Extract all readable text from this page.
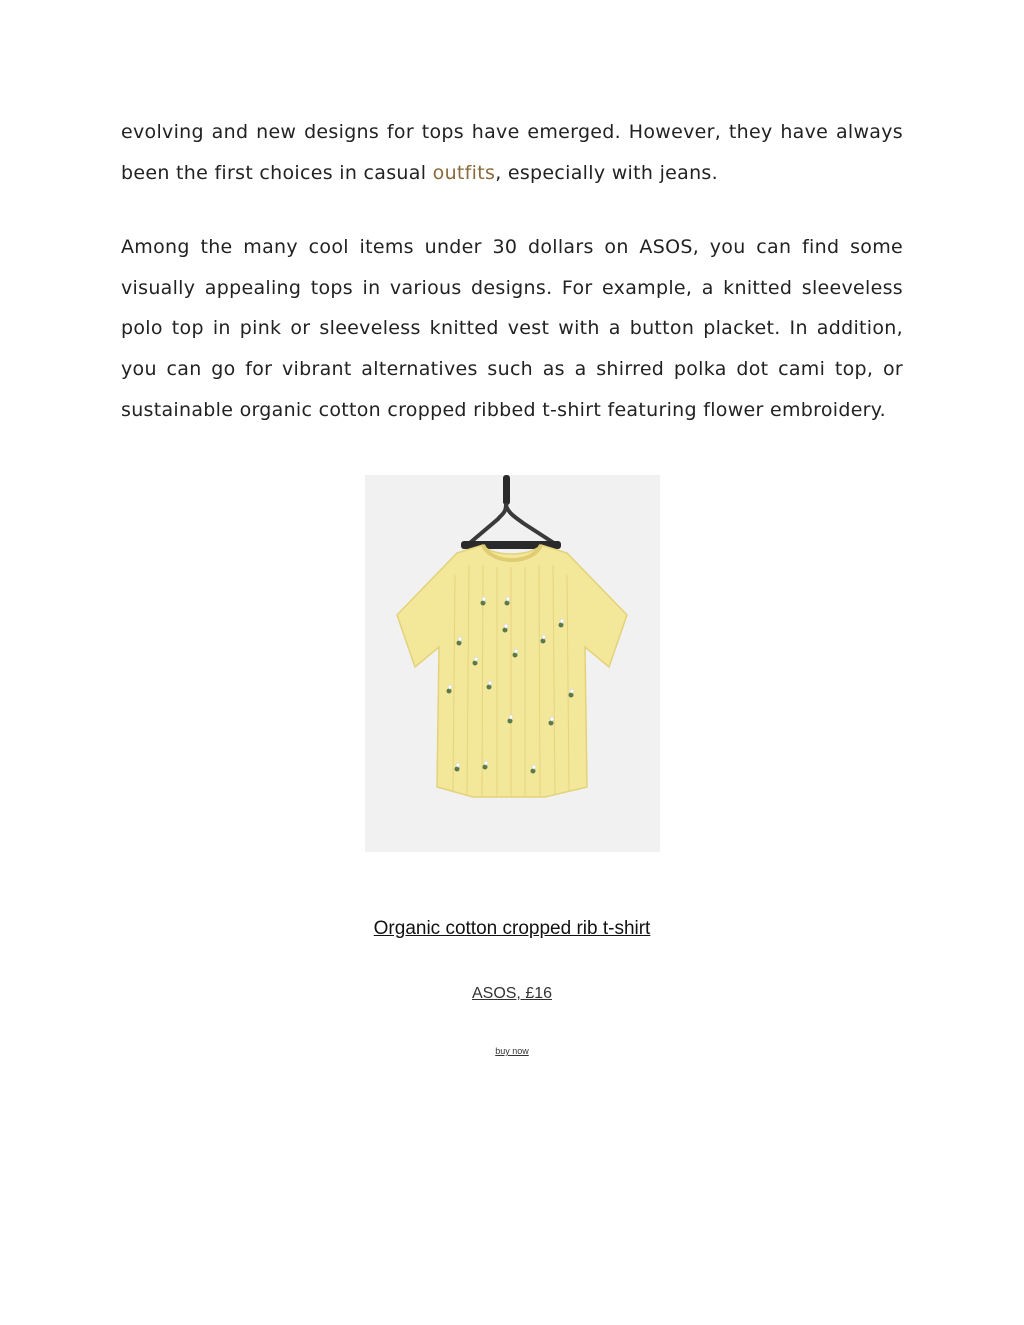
evolving and new designs for tops have emerged. However, they have always been the first choices in casual outfits, especially with jeans.

Among the many cool items under 30 dollars on ASOS, you can find some visually appealing tops in various designs. For example, a knitted sleeveless polo top in pink or sleeveless knitted vest with a button placket. In addition, you can go for vibrant alternatives such as a shirred polka dot cami top, or sustainable organic cotton cropped ribbed t-shirt featuring flower embroidery.

Organic cotton cropped rib t-shirt
ASOS, £16
buy now
